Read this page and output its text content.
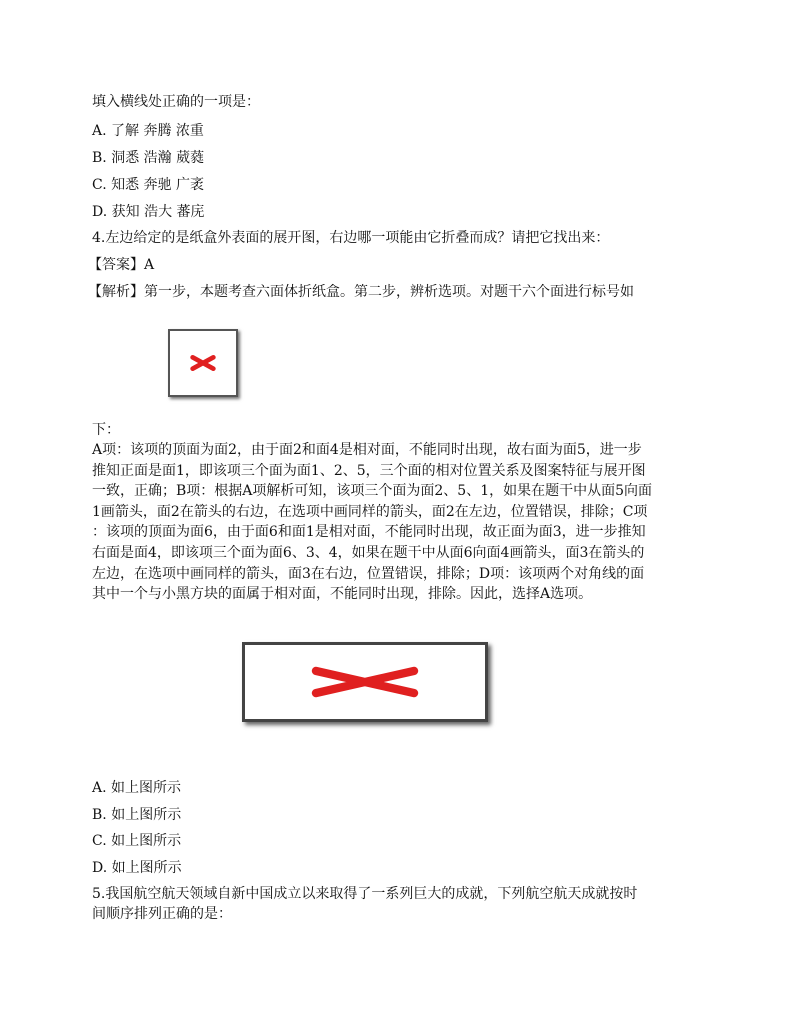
填入横线处正确的一项是：
A. 了解 奔腾 浓重
B. 洞悉 浩瀚 葳蕤
C. 知悉 奔驰 广袤
D. 获知 浩大 蕃庑
4.左边给定的是纸盒外表面的展开图，右边哪一项能由它折叠而成？请把它找出来：
【答案】A
【解析】第一步，本题考查六面体折纸盒。第二步，辨析选项。对题干六个面进行标号如
下：
A项：该项的顶面为面2，由于面2和面4是相对面，不能同时出现，故右面为面5，进一步
推知正面是面1，即该项三个面为面1、2、5，三个面的相对位置关系及图案特征与展开图
一致，正确；B项：根据A项解析可知，该项三个面为面2、5、1，如果在题干中从面5向面
1画箭头，面2在箭头的右边，在选项中画同样的箭头，面2在左边，位置错误，排除；C项
：该项的顶面为面6，由于面6和面1是相对面，不能同时出现，故正面为面3，进一步推知
右面是面4，即该项三个面为面6、3、4，如果在题干中从面6向面4画箭头，面3在箭头的
左边，在选项中画同样的箭头，面3在右边，位置错误，排除；D项：该项两个对角线的面
其中一个与小黑方块的面属于相对面，不能同时出现，排除。因此，选择A选项。
A. 如上图所示
B. 如上图所示
C. 如上图所示
D. 如上图所示
5.我国航空航天领域自新中国成立以来取得了一系列巨大的成就，下列航空航天成就按时
间顺序排列正确的是：
